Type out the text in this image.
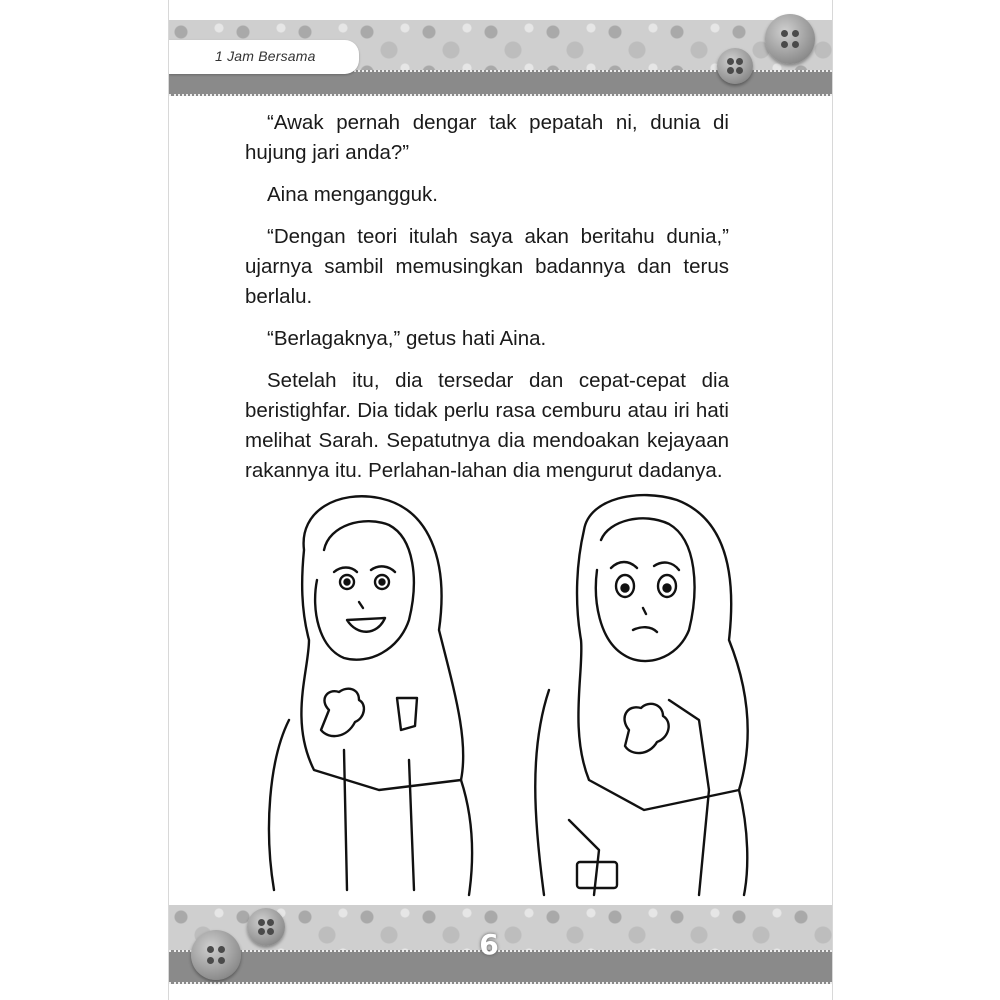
1 Jam Bersama

“Awak pernah dengar tak pepatah ni, dunia di hujung jari anda?”

Aina mengangguk.

“Dengan teori itulah saya akan beritahu dunia,” ujarnya sambil memusingkan badannya dan terus berlalu.

“Berlagaknya,” getus hati Aina.

Setelah itu, dia tersedar dan cepat-cepat dia beristighfar. Dia tidak perlu rasa cemburu atau iri hati melihat Sarah. Sepatutnya dia mendoakan kejayaan rakannya itu. Perlahan-lahan dia mengurut dadanya.

6
